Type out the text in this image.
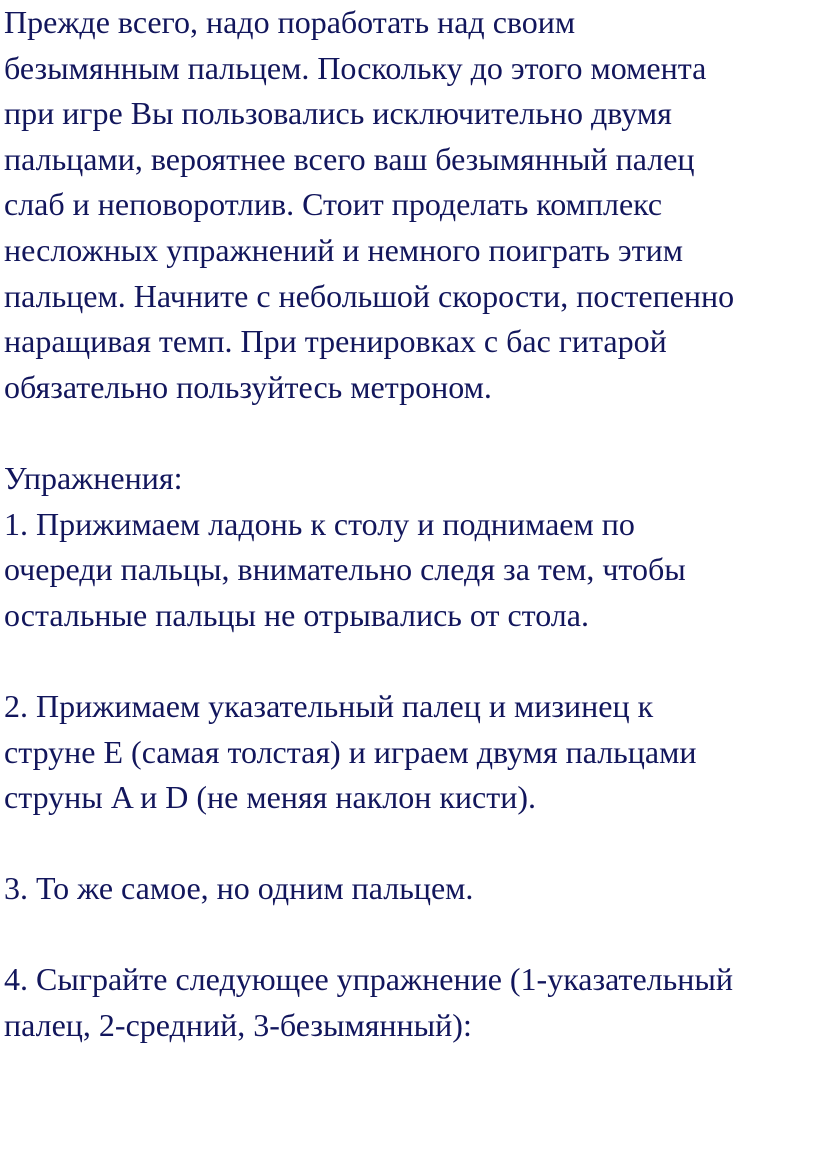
Прежде всего, надо поработать над своим
безымянным пальцем. Поскольку до этого момента
при игре Вы пользовались исключительно двумя
пальцами, вероятнее всего ваш безымянный палец
слаб и неповоротлив. Стоит проделать комплекс
несложных упражнений и немного поиграть этим
пальцем. Начните с небольшой скорости, постепенно
наращивая темп. При тренировках с бас гитарой
обязательно пользуйтесь метроном.

Упражнения:
1. Прижимаем ладонь к столу и поднимаем по
очереди пальцы, внимательно следя за тем, чтобы
остальные пальцы не отрывались от стола.

2. Прижимаем указательный палец и мизинец к
струне E (самая толстая) и играем двумя пальцами
струны A и D (не меняя наклон кисти).

3. То же самое, но одним пальцем.

4. Сыграйте следующее упражнение (1-указательный
палец, 2-средний, 3-безымянный):
